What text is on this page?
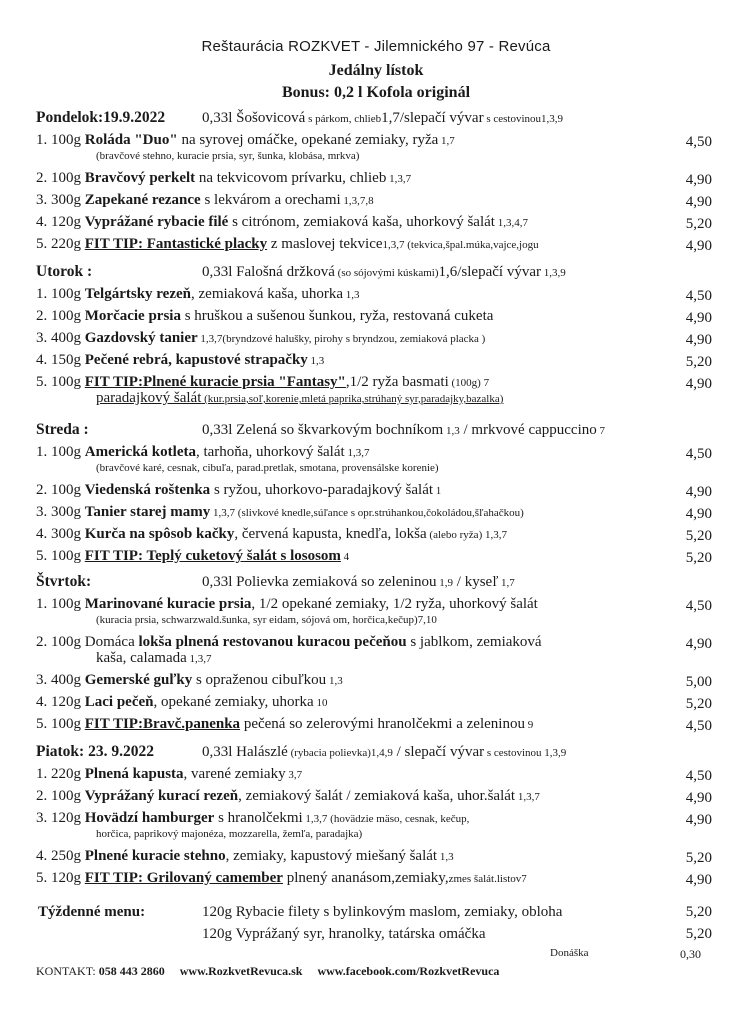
Reštaurácia ROZKVET - Jilemnického 97 - Revúca
Jedálny lístok
Bonus: 0,2 l Kofola originál
Pondelok:19.9.2022	0,33l Šošovicová s párkom, chlieb1,7/slepačí vývar s cestovinou1,3,9
1. 100g Roláda "Duo" na syrovej omáčke, opekané zemiaky, ryža 1,7	4,50
(bravčové stehno, kuracie prsia, syr, šunka, klobása, mrkva)
2. 100g Bravčový perkelt na tekvicovom prívarku, chlieb 1,3,7	4,90
3. 300g Zapekané rezance s lekvárom a orechami 1,3,7,8	4,90
4. 120g Vyprážané rybacie filé s citrónom, zemiaková kaša, uhorkový šalát 1,3,4,7	5,20
5. 220g FIT TIP: Fantastické placky z maslovej tekvice1,3,7 (tekvica,špal.múka,vajce,jogu	4,90
Utorok :	0,33l Falošná držková (so sójovými kúskami)1,6/slepačí vývar 1,3,9
1. 100g Telgártsky rezeň, zemiaková kaša, uhorka 1,3	4,50
2. 100g Morčacie prsia s hruškou a sušenou šunkou, ryža, restovaná cuketa	4,90
3. 400g Gazdovský tanier 1,3,7(bryndzové halušky, pirohy s bryndzou, zemiaková placka )	4,90
4. 150g Pečené rebrá, kapustové strapačky 1,3	5,20
5. 100g FIT TIP:Plnené kuracie prsia "Fantasy",1/2 ryža basmati (100g) 7	4,90
paradajkový šalát (kur.prsia,soľ,korenie,mletá paprika,strúhaný syr,paradajky,bazalka)
Streda :	0,33l Zelená so škvarkovým bochníkom 1,3 / mrkvové cappuccino 7
1. 100g Americká kotleta, tarhoňa, uhorkový šalát 1,3,7	4,50
(bravčové karé, cesnak, cibuľa, parad.pretlak, smotana, provensálske korenie)
2. 100g Viedenská roštenka s ryžou, uhorkovo-paradajkový šalát 1	4,90
3. 300g Tanier starej mamy 1,3,7 (slivkové knedle,súľance s opr.strúhankou,čokoládou,šľahačkou)	4,90
4. 300g Kurča na spôsob kačky, červená kapusta, knedľa, lokša (alebo ryža) 1,3,7	5,20
5. 100g FIT TIP: Teplý cuketový šalát s lososom 4	5,20
Štvrtok:	0,33l Polievka zemiaková so zeleninou 1,9 / kyseľ 1,7
1. 100g Marinované kuracie prsia, 1/2 opekané zemiaky, 1/2 ryža, uhorkový šalát	4,50
(kuracia prsia, schwarzwald.šunka, syr eidam, sójová om, horčica,kečup)7,10
2. 100g Domáca lokša plnená restovanou kuracou pečeňou s jablkom, zemiaková	4,90
kaša, calamada 1,3,7
3. 400g Gemerské guľky s opraženou cibuľkou 1,3	5,00
4. 120g Laci pečeň, opekané zemiaky, uhorka 10	5,20
5. 100g FIT TIP:Bravč.panenka pečená so zelerovými hranolčekmi a zeleninou 9	4,50
Piatok: 23. 9.2022	0,33l Halászlé (rybacia polievka)1,4,9 / slepačí vývar s cestovinou 1,3,9
1. 220g Plnená kapusta, varené zemiaky 3,7	4,50
2. 100g Vyprážaný kurací rezeň, zemiakový šalát / zemiaková kaša, uhor.šalát 1,3,7	4,90
3. 120g Hovädzí hamburger s hranolčekmi 1,3,7 (hovädzie mäso, cesnak, kečup,	4,90
horčica, paprikový majonéza, mozzarella, žemľa, paradajka)
4. 250g Plnené kuracie stehno, zemiaky, kapustový miešaný šalát 1,3	5,20
5. 120g FIT TIP: Grilovaný camember plnený ananásom,zemiaky,zmes šalát.listov7	4,90
Týždenné menu:	120g Rybacie filety s bylinkovým maslom, zemiaky, obloha	5,20
120g Vyprážaný syr, hranolky, tatárska omáčka	5,20
Donáška	0,30
KONTAKT: 058 443 2860 www.RozkvetRevuca.sk www.facebook.com/RozkvetRevuca
